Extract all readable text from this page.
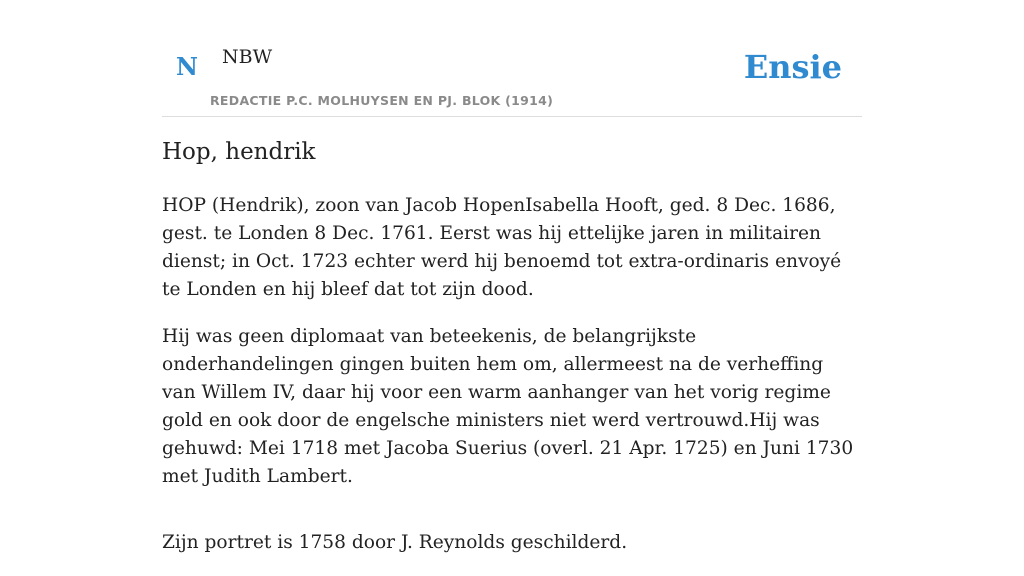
N NBW
REDACTIE P.C. MOLHUYSEN EN PJ. BLOK (1914)
Ensie
Hop, hendrik

HOP (Hendrik), zoon van Jacob HopenIsabella Hooft, ged. 8 Dec. 1686, gest. te Londen 8 Dec. 1761. Eerst was hij ettelijke jaren in militairen dienst; in Oct. 1723 echter werd hij benoemd tot extra-ordinaris envoyé te Londen en hij bleef dat tot zijn dood.

Hij was geen diplomaat van beteekenis, de belangrijkste onderhandelingen gingen buiten hem om, allermeest na de verheffing van Willem IV, daar hij voor een warm aanhanger van het vorig regime gold en ook door de engelsche ministers niet werd vertrouwd.Hij was gehuwd: Mei 1718 met Jacoba Suerius (overl. 21 Apr. 1725) en Juni 1730 met Judith Lambert.

Zijn portret is 1758 door J. Reynolds geschilderd.
